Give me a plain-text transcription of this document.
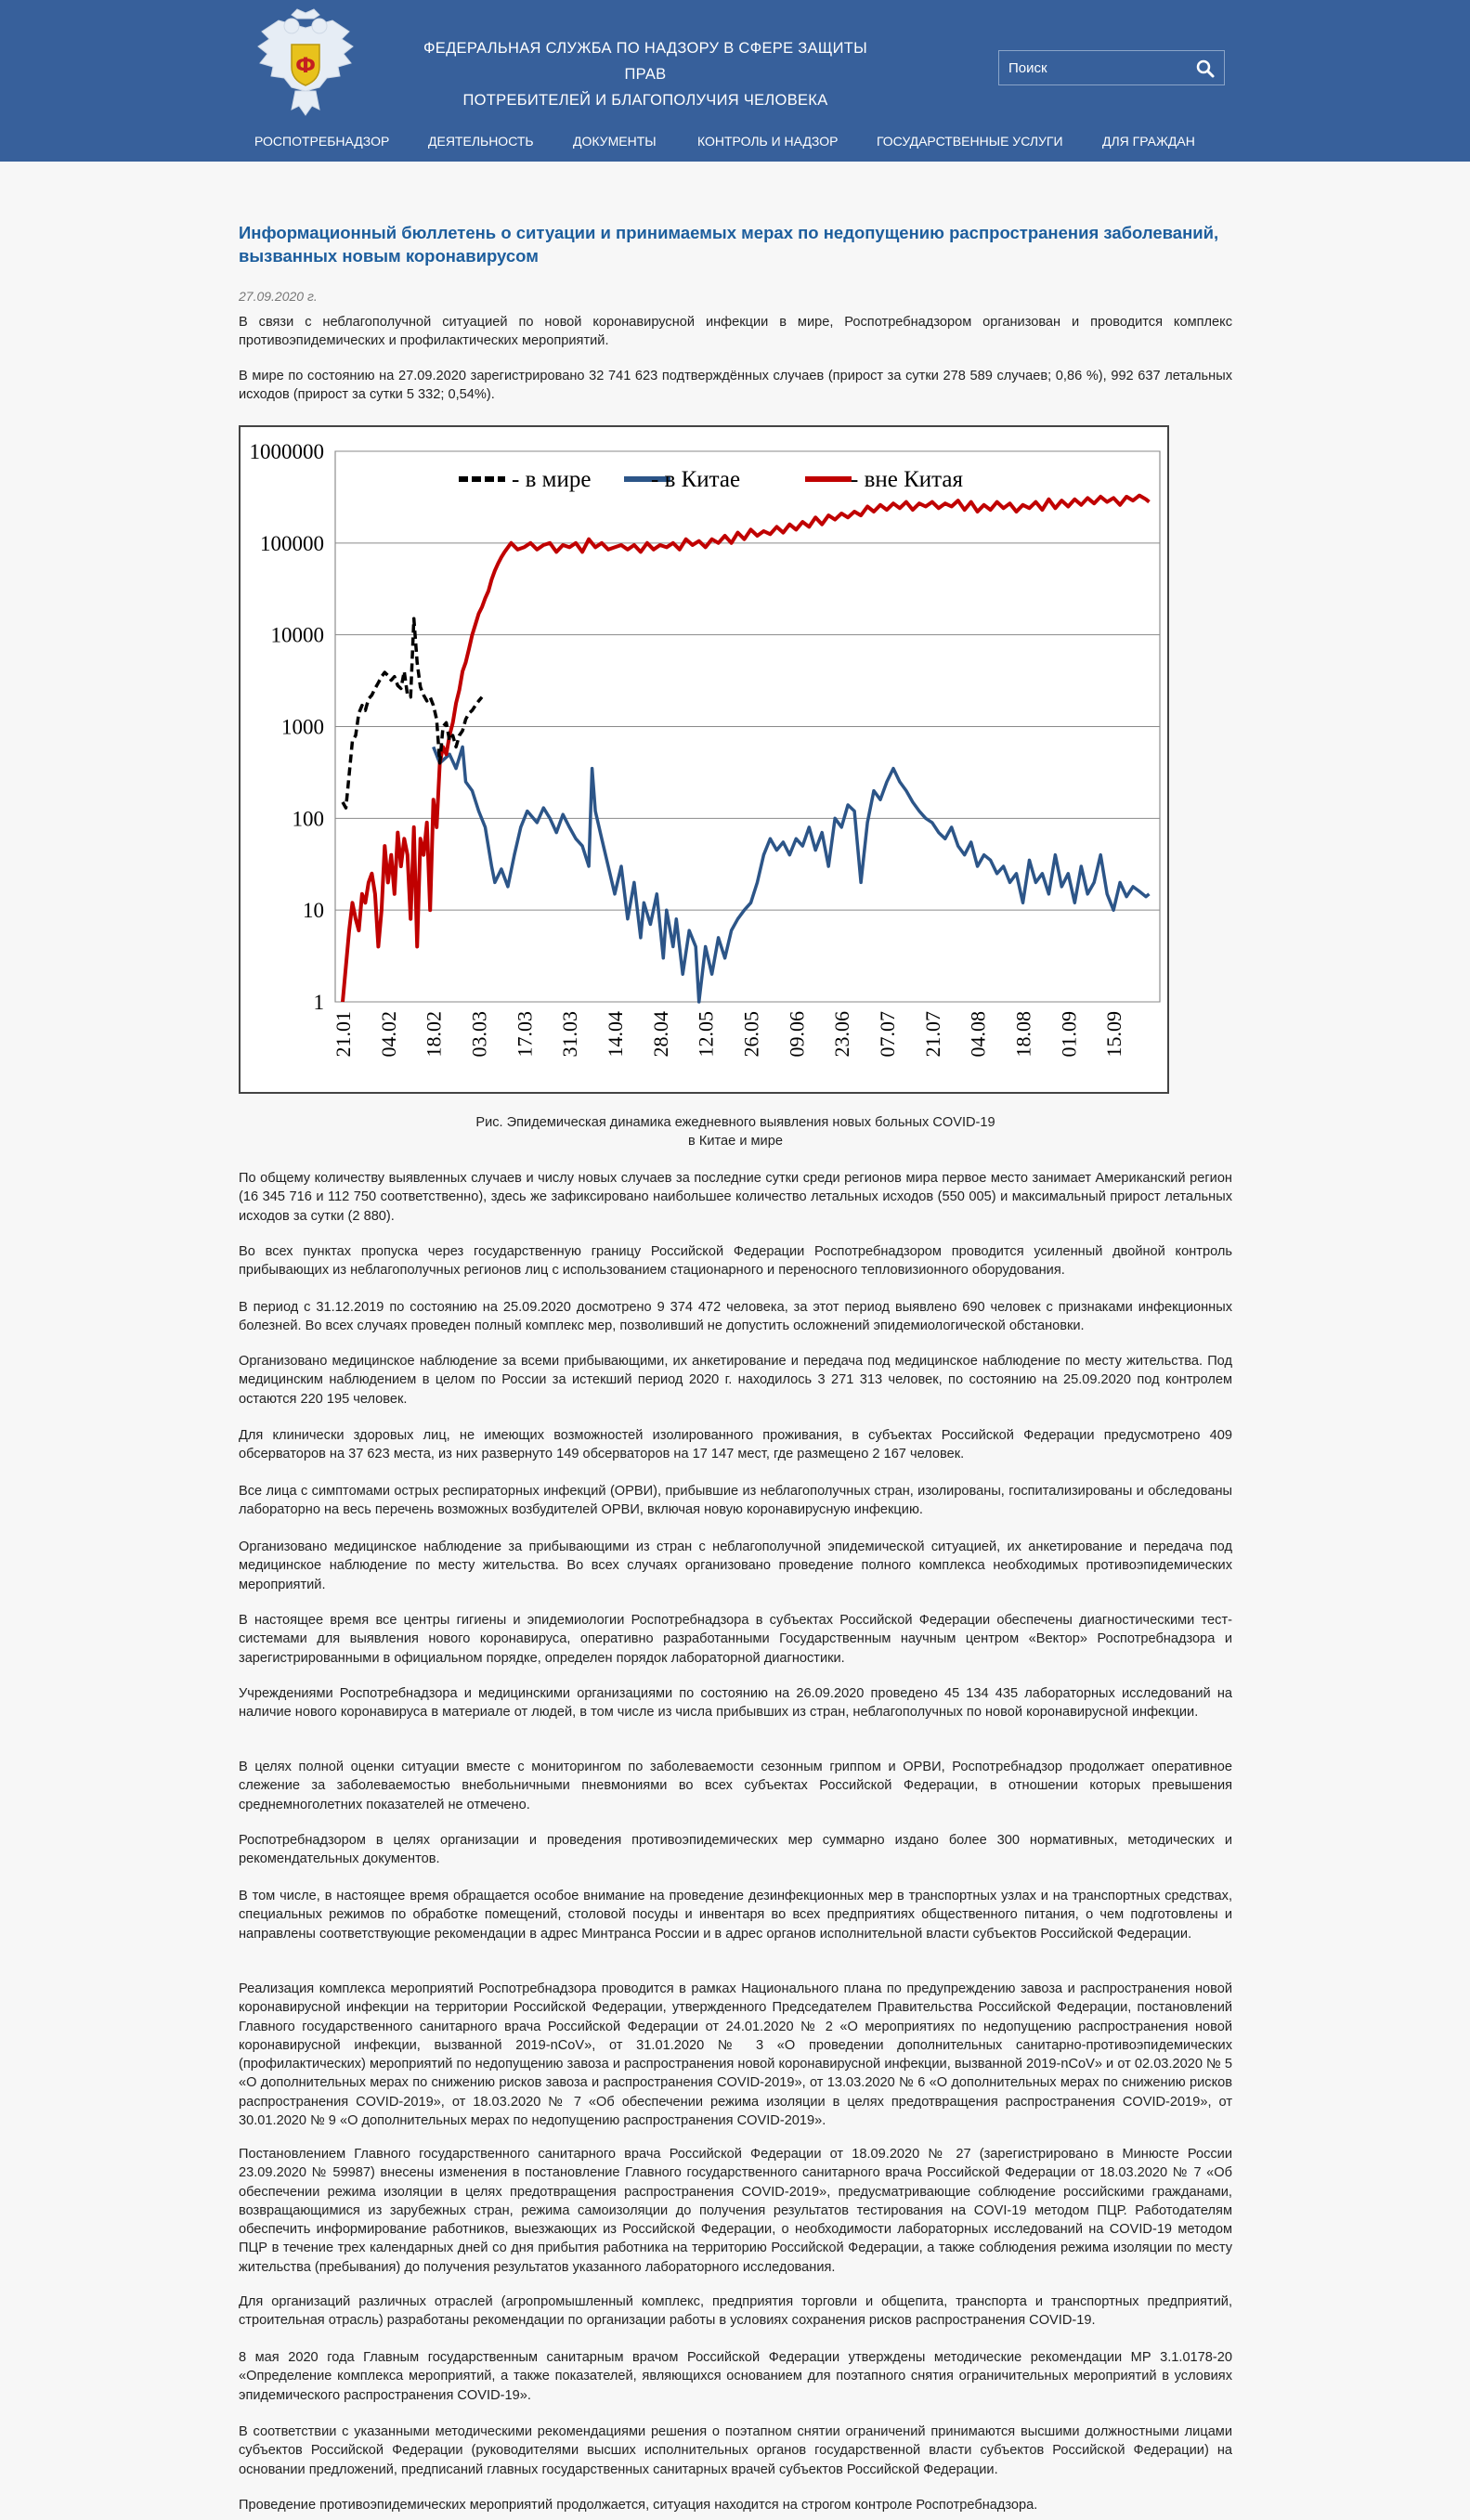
Ф
ФЕДЕРАЛЬНАЯ СЛУЖБА ПО НАДЗОРУ В СФЕРЕ ЗАЩИТЫ ПРАВ
ПОТРЕБИТЕЛЕЙ И БЛАГОПОЛУЧИЯ ЧЕЛОВЕКА
Поиск
РОСПОТРЕБНАДЗОР	ДЕЯТЕЛЬНОСТЬ	ДОКУМЕНТЫ	КОНТРОЛЬ И НАДЗОР	ГОСУДАРСТВЕННЫЕ УСЛУГИ	ДЛЯ ГРАЖДАН
Информационный бюллетень о ситуации и принимаемых мерах по недопущению распространения заболеваний, вызванных новым коронавирусом
27.09.2020 г.

В связи с неблагополучной ситуацией по новой коронавирусной инфекции в мире, Роспотребнадзором организован и проводится комплекс противоэпидемических и профилактических мероприятий.

В мире по состоянию на 27.09.2020 зарегистрировано 32 741 623 подтверждённых случаев (прирост за сутки 278 589 случаев; 0,86 %), 992 637 летальных исходов (прирост за сутки 5 332; 0,54%).

1
10
100
1000
10000
100000
1000000
21.01 04.02 18.02 03.03 17.03 31.03 14.04 28.04 12.05 26.05 09.06 23.06 07.07 21.07 04.08 18.08 01.09 15.09
- в мире	- в Китае	- вне Китая
Рис. Эпидемическая динамика ежедневного выявления новых больных COVID-19
в Китае и мире

По общему количеству выявленных случаев и числу новых случаев за последние сутки среди регионов мира первое место занимает Американский регион (16 345 716 и 112 750 соответственно), здесь же зафиксировано наибольшее количество летальных исходов (550 005) и максимальный прирост летальных исходов за сутки (2 880).

Во всех пунктах пропуска через государственную границу Российской Федерации Роспотребнадзором проводится усиленный двойной контроль прибывающих из неблагополучных регионов лиц с использованием стационарного и переносного тепловизионного оборудования.

В период с 31.12.2019 по состоянию на 25.09.2020 досмотрено 9 374 472 человека, за этот период выявлено 690 человек с признаками инфекционных болезней. Во всех случаях проведен полный комплекс мер, позволивший не допустить осложнений эпидемиологической обстановки.

Организовано медицинское наблюдение за всеми прибывающими, их анкетирование и передача под медицинское наблюдение по месту жительства. Под медицинским наблюдением в целом по России за истекший период 2020 г. находилось 3 271 313 человек, по состоянию на 25.09.2020 под контролем остаются 220 195 человек.

Для клинически здоровых лиц, не имеющих возможностей изолированного проживания, в субъектах Российской Федерации предусмотрено 409 обсерваторов на 37 623 места, из них развернуто 149 обсерваторов на 17 147 мест, где размещено 2 167 человек.

Все лица с симптомами острых респираторных инфекций (ОРВИ), прибывшие из неблагополучных стран, изолированы, госпитализированы и обследованы лабораторно на весь перечень возможных возбудителей ОРВИ, включая новую коронавирусную инфекцию.

Организовано медицинское наблюдение за прибывающими из стран с неблагополучной эпидемической ситуацией, их анкетирование и передача под медицинское наблюдение по месту жительства. Во всех случаях организовано проведение полного комплекса необходимых противоэпидемических мероприятий.

В настоящее время все центры гигиены и эпидемиологии Роспотребнадзора в субъектах Российской Федерации обеспечены диагностическими тест-системами для выявления нового коронавируса, оперативно разработанными Государственным научным центром «Вектор» Роспотребнадзора и зарегистрированными в официальном порядке, определен порядок лабораторной диагностики.

Учреждениями Роспотребнадзора и медицинскими организациями по состоянию на 26.09.2020 проведено 45 134 435 лабораторных исследований на наличие нового коронавируса в материале от людей, в том числе из числа прибывших из стран, неблагополучных по новой коронавирусной инфекции.

В целях полной оценки ситуации вместе с мониторингом по заболеваемости сезонным гриппом и ОРВИ, Роспотребнадзор продолжает оперативное слежение за заболеваемостью внебольничными пневмониями во всех субъектах Российской Федерации, в отношении которых превышения среднемноголетних показателей не отмечено.

Роспотребнадзором в целях организации и проведения противоэпидемических мер суммарно издано более 300 нормативных, методических и рекомендательных документов.

В том числе, в настоящее время обращается особое внимание на проведение дезинфекционных мер в транспортных узлах и на транспортных средствах, специальных режимов по обработке помещений, столовой посуды и инвентаря во всех предприятиях общественного питания, о чем подготовлены и направлены соответствующие рекомендации в адрес Минтранса России и в адрес органов исполнительной власти субъектов Российской Федерации.

Реализация комплекса мероприятий Роспотребнадзора проводится в рамках Национального плана по предупреждению завоза и распространения новой коронавирусной инфекции на территории Российской Федерации, утвержденного Председателем Правительства Российской Федерации, постановлений Главного государственного санитарного врача Российской Федерации от 24.01.2020 № 2 «О мероприятиях по недопущению распространения новой коронавирусной инфекции, вызванной 2019-nCoV», от 31.01.2020 № 3 «О проведении дополнительных санитарно-противоэпидемических (профилактических) мероприятий по недопущению завоза и распространения новой коронавирусной инфекции, вызванной 2019-nCoV» и от 02.03.2020 № 5 «О дополнительных мерах по снижению рисков завоза и распространения COVID-2019», от 13.03.2020 № 6 «О дополнительных мерах по снижению рисков распространения COVID-2019», от 18.03.2020 № 7 «Об обеспечении режима изоляции в целях предотвращения распространения COVID-2019», от 30.01.2020 № 9 «О дополнительных мерах по недопущению распространения COVID-2019».

Постановлением Главного государственного санитарного врача Российской Федерации от 18.09.2020 № 27 (зарегистрировано в Минюсте России 23.09.2020 № 59987) внесены изменения в постановление Главного государственного санитарного врача Российской Федерации от 18.03.2020 № 7 «Об обеспечении режима изоляции в целях предотвращения распространения COVID-2019», предусматривающие соблюдение российскими гражданами, возвращающимися из зарубежных стран, режима самоизоляции до получения результатов тестирования на COVI-19 методом ПЦР. Работодателям обеспечить информирование работников, выезжающих из Российской Федерации, о необходимости лабораторных исследований на COVID-19 методом ПЦР в течение трех календарных дней со дня прибытия работника на территорию Российской Федерации, а также соблюдения режима изоляции по месту жительства (пребывания) до получения результатов указанного лабораторного исследования.

Для организаций различных отраслей (агропромышленный комплекс, предприятия торговли и общепита, транспорта и транспортных предприятий, строительная отрасль) разработаны рекомендации по организации работы в условиях сохранения рисков распространения COVID-19.

8 мая 2020 года Главным государственным санитарным врачом Российской Федерации утверждены методические рекомендации МР 3.1.0178-20 «Определение комплекса мероприятий, а также показателей, являющихся основанием для поэтапного снятия ограничительных мероприятий в условиях эпидемического распространения COVID-19».

В соответствии с указанными методическими рекомендациями решения о поэтапном снятии ограничений принимаются высшими должностными лицами субъектов Российской Федерации (руководителями высших исполнительных органов государственной власти субъектов Российской Федерации) на основании предложений, предписаний главных государственных санитарных врачей субъектов Российской Федерации.

Проведение противоэпидемических мероприятий продолжается, ситуация находится на строгом контроле Роспотребнадзора.
